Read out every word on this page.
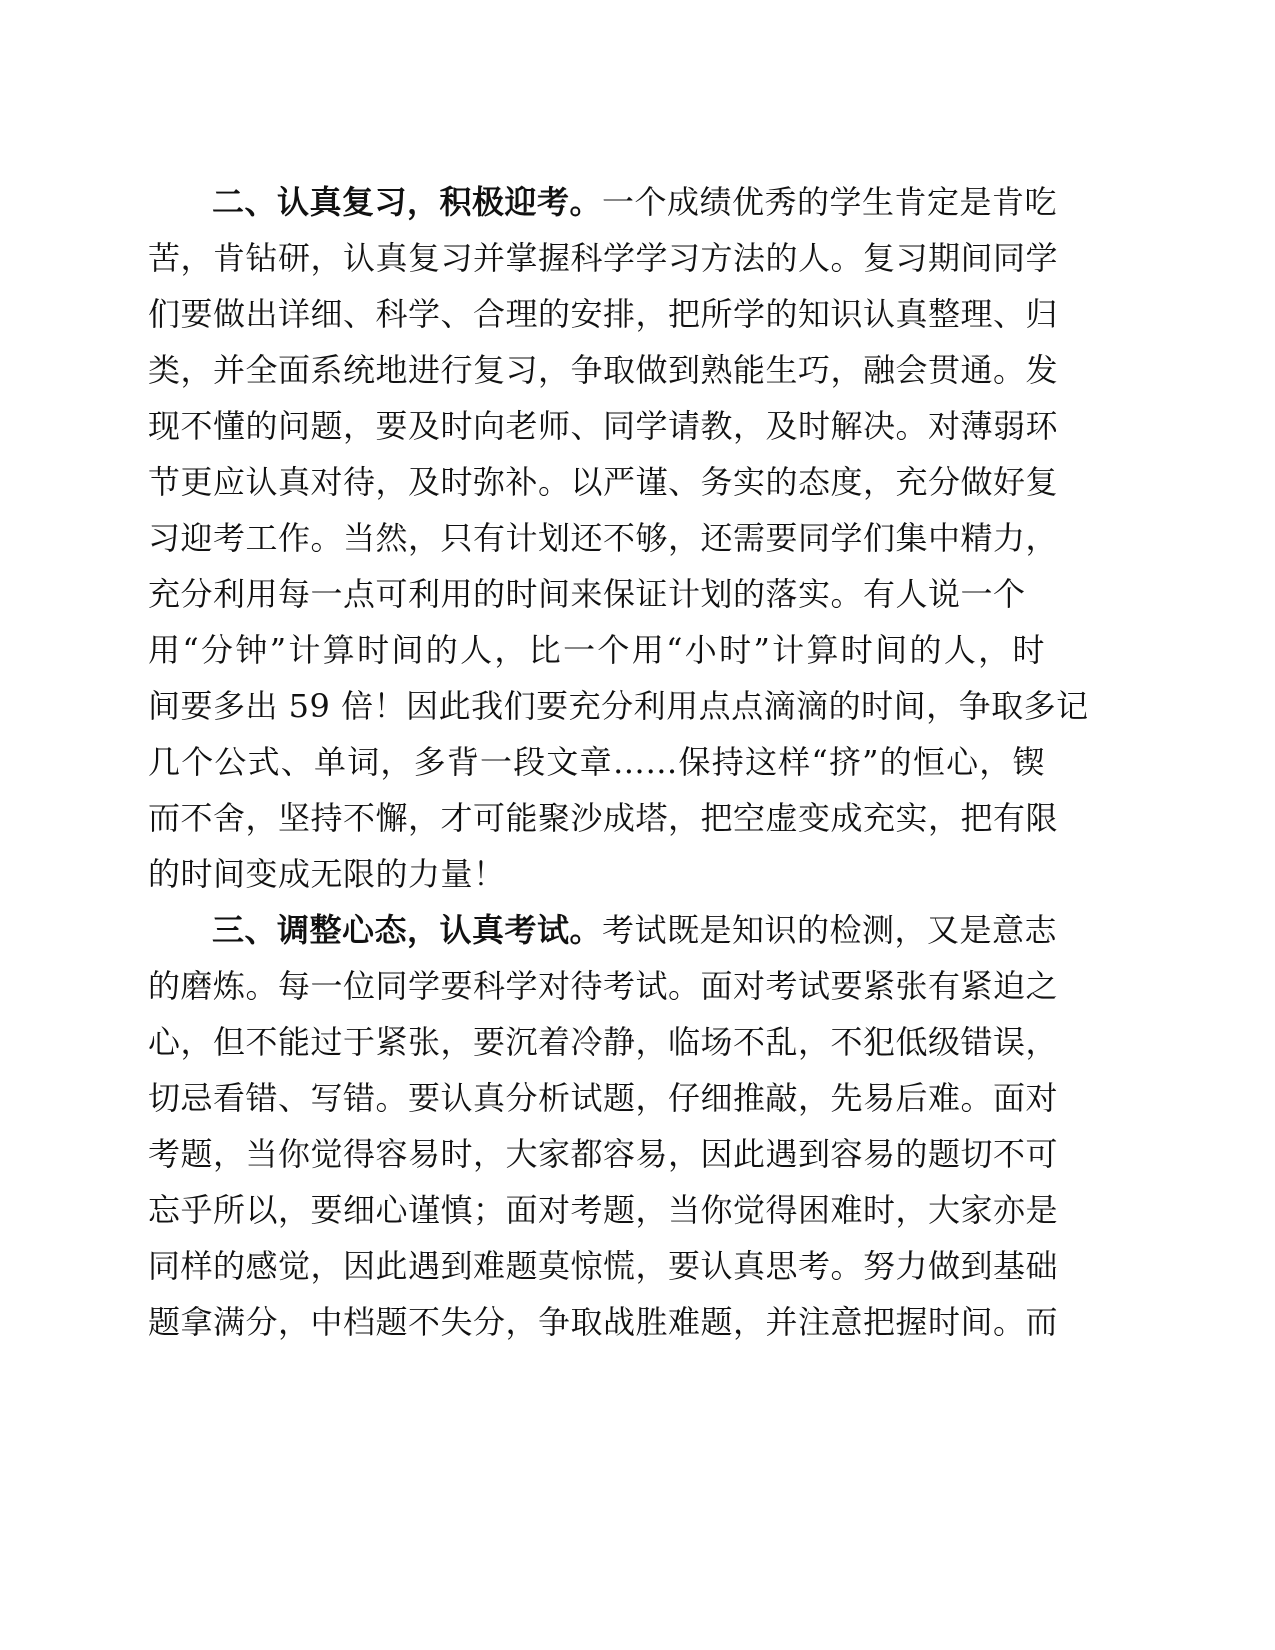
二、认真复习，积极迎考。一个成绩优秀的学生肯定是肯吃
苦，肯钻研，认真复习并掌握科学学习方法的人。复习期间同学
们要做出详细、科学、合理的安排，把所学的知识认真整理、归
类，并全面系统地进行复习，争取做到熟能生巧，融会贯通。发
现不懂的问题，要及时向老师、同学请教，及时解决。对薄弱环
节更应认真对待，及时弥补。以严谨、务实的态度，充分做好复
习迎考工作。当然，只有计划还不够，还需要同学们集中精力，
充分利用每一点可利用的时间来保证计划的落实。有人说一个
用“分钟”计算时间的人，比一个用“小时”计算时间的人，时
间要多出 59 倍！因此我们要充分利用点点滴滴的时间，争取多记
几个公式、单词，多背一段文章……保持这样“挤”的恒心，锲
而不舍，坚持不懈，才可能聚沙成塔，把空虚变成充实，把有限
的时间变成无限的力量！
三、调整心态，认真考试。考试既是知识的检测，又是意志
的磨炼。每一位同学要科学对待考试。面对考试要紧张有紧迫之
心，但不能过于紧张，要沉着冷静，临场不乱，不犯低级错误，
切忌看错、写错。要认真分析试题，仔细推敲，先易后难。面对
考题，当你觉得容易时，大家都容易，因此遇到容易的题切不可
忘乎所以，要细心谨慎；面对考题，当你觉得困难时，大家亦是
同样的感觉，因此遇到难题莫惊慌，要认真思考。努力做到基础
题拿满分，中档题不失分，争取战胜难题，并注意把握时间。而
